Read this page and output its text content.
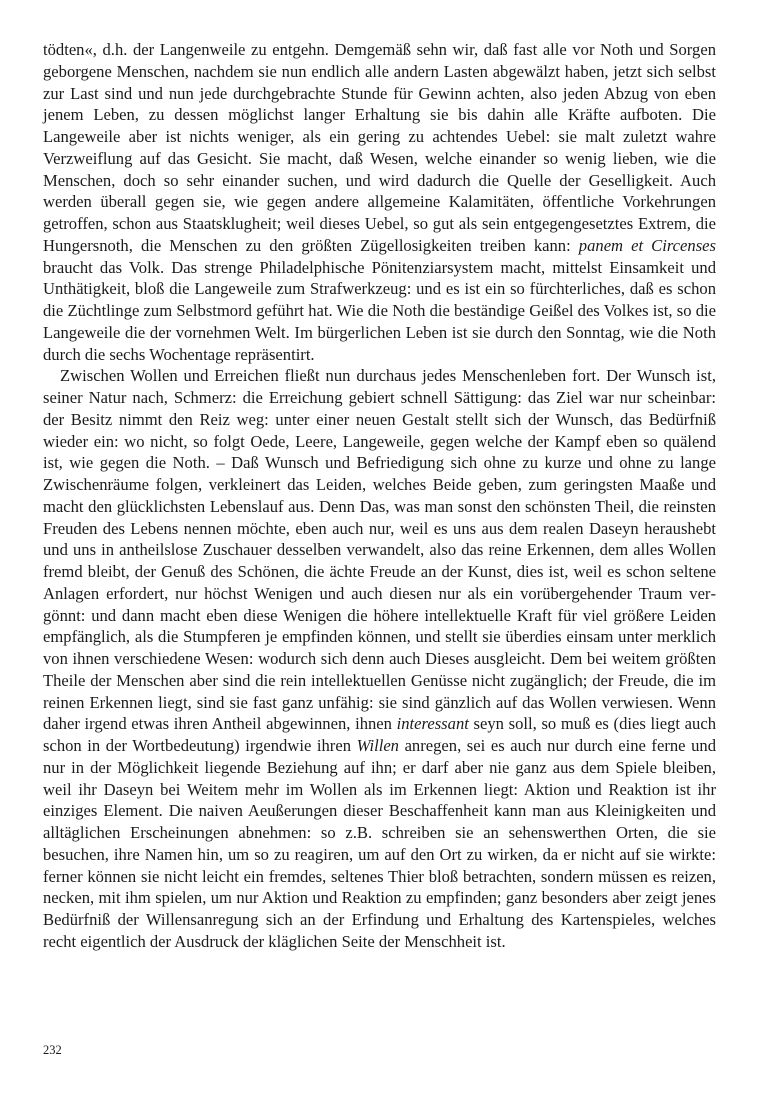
tödten«, d.h. der Langenweile zu entgehn. Demgemäß sehn wir, daß fast alle vor Noth und Sorgen geborgene Menschen, nachdem sie nun endlich alle andern Lasten abgewälzt haben, jetzt sich selbst zur Last sind und nun jede durchgebrachte Stunde für Gewinn achten, also jeden Abzug von eben jenem Leben, zu dessen möglichst langer Erhaltung sie bis dahin alle Kräfte aufboten. Die Langeweile aber ist nichts weniger, als ein gering zu achtendes Uebel: sie malt zuletzt wahre Verzweiflung auf das Gesicht. Sie macht, daß Wesen, welche einander so wenig lieben, wie die Menschen, doch so sehr einander suchen, und wird dadurch die Quelle der Geselligkeit. Auch werden überall gegen sie, wie gegen andere allgemeine Kalamitäten, öffentliche Vorkehrungen getroffen, schon aus Staatsklugheit; weil dieses Uebel, so gut als sein entgegengesetztes Extrem, die Hungersnoth, die Menschen zu den größten Zügellosigkeiten treiben kann: panem et Circenses braucht das Volk. Das strenge Philadelphische Pönitenziarsystem macht, mittelst Einsamkeit und Unthätigkeit, bloß die Langeweile zum Strafwerkzeug: und es ist ein so fürchterliches, daß es schon die Züchtlinge zum Selbstmord geführt hat. Wie die Noth die beständige Geißel des Volkes ist, so die Langeweile die der vornehmen Welt. Im bürgerlichen Leben ist sie durch den Sonntag, wie die Noth durch die sechs Wochentage repräsentirt.

Zwischen Wollen und Erreichen fließt nun durchaus jedes Menschenleben fort. Der Wunsch ist, seiner Natur nach, Schmerz: die Erreichung gebiert schnell Sättigung: das Ziel war nur scheinbar: der Besitz nimmt den Reiz weg: unter einer neuen Gestalt stellt sich der Wunsch, das Bedürfniß wieder ein: wo nicht, so folgt Oede, Leere, Langeweile, gegen welche der Kampf eben so quälend ist, wie gegen die Noth. – Daß Wunsch und Befriedigung sich ohne zu kurze und ohne zu lange Zwischenräume folgen, verkleinert das Leiden, welches Beide geben, zum geringsten Maaße und macht den glücklichsten Lebenslauf aus. Denn Das, was man sonst den schönsten Theil, die reinsten Freuden des Lebens nennen möchte, eben auch nur, weil es uns aus dem realen Daseyn heraushebt und uns in antheilslose Zuschauer desselben verwandelt, also das reine Erkennen, dem alles Wollen fremd bleibt, der Genuß des Schönen, die ächte Freude an der Kunst, dies ist, weil es schon seltene Anlagen erfordert, nur höchst Wenigen und auch diesen nur als ein vorübergehender Traum vergönnt: und dann macht eben diese Wenigen die höhere intellektuelle Kraft für viel größere Leiden empfänglich, als die Stumpferen je empfinden können, und stellt sie überdies einsam unter merklich von ihnen verschiedene Wesen: wodurch sich denn auch Dieses ausgleicht. Dem bei weitem größten Theile der Menschen aber sind die rein intellektuellen Genüsse nicht zugänglich; der Freude, die im reinen Erkennen liegt, sind sie fast ganz unfähig: sie sind gänzlich auf das Wollen verwiesen. Wenn daher irgend etwas ihren Antheil abgewinnen, ihnen interessant seyn soll, so muß es (dies liegt auch schon in der Wortbedeutung) irgendwie ihren Willen anregen, sei es auch nur durch eine ferne und nur in der Möglichkeit liegende Beziehung auf ihn; er darf aber nie ganz aus dem Spiele bleiben, weil ihr Daseyn bei Weitem mehr im Wollen als im Erkennen liegt: Aktion und Reaktion ist ihr einziges Element. Die naiven Aeußerungen dieser Beschaffenheit kann man aus Kleinigkeiten und alltäglichen Erscheinungen abnehmen: so z.B. schreiben sie an sehenswerthen Orten, die sie besuchen, ihre Namen hin, um so zu reagiren, um auf den Ort zu wirken, da er nicht auf sie wirkte: ferner können sie nicht leicht ein fremdes, seltenes Thier bloß betrachten, sondern müssen es reizen, necken, mit ihm spielen, um nur Aktion und Reaktion zu empfinden; ganz besonders aber zeigt jenes Bedürfniß der Willensanregung sich an der Erfindung und Erhaltung des Kartenspieles, welches recht eigentlich der Ausdruck der kläglichen Seite der Menschheit ist.

232
